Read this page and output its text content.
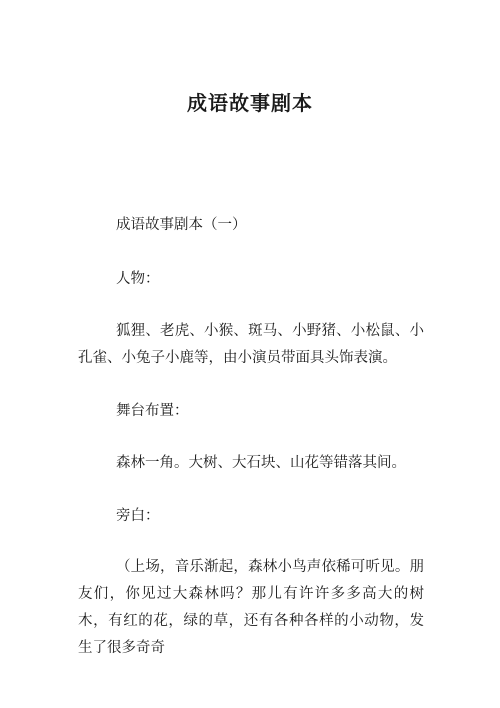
成语故事剧本

成语故事剧本（一）

人物：

狐狸、老虎、小猴、斑马、小野猪、小松鼠、小孔雀、小兔子小鹿等，由小演员带面具头饰表演。

舞台布置：

森林一角。大树、大石块、山花等错落其间。

旁白：

（上场，音乐渐起，森林小鸟声依稀可听见。朋友们，你见过大森林吗？那儿有许许多多高大的树木，有红的花，绿的草，还有各种各样的小动物，发生了很多奇奇
